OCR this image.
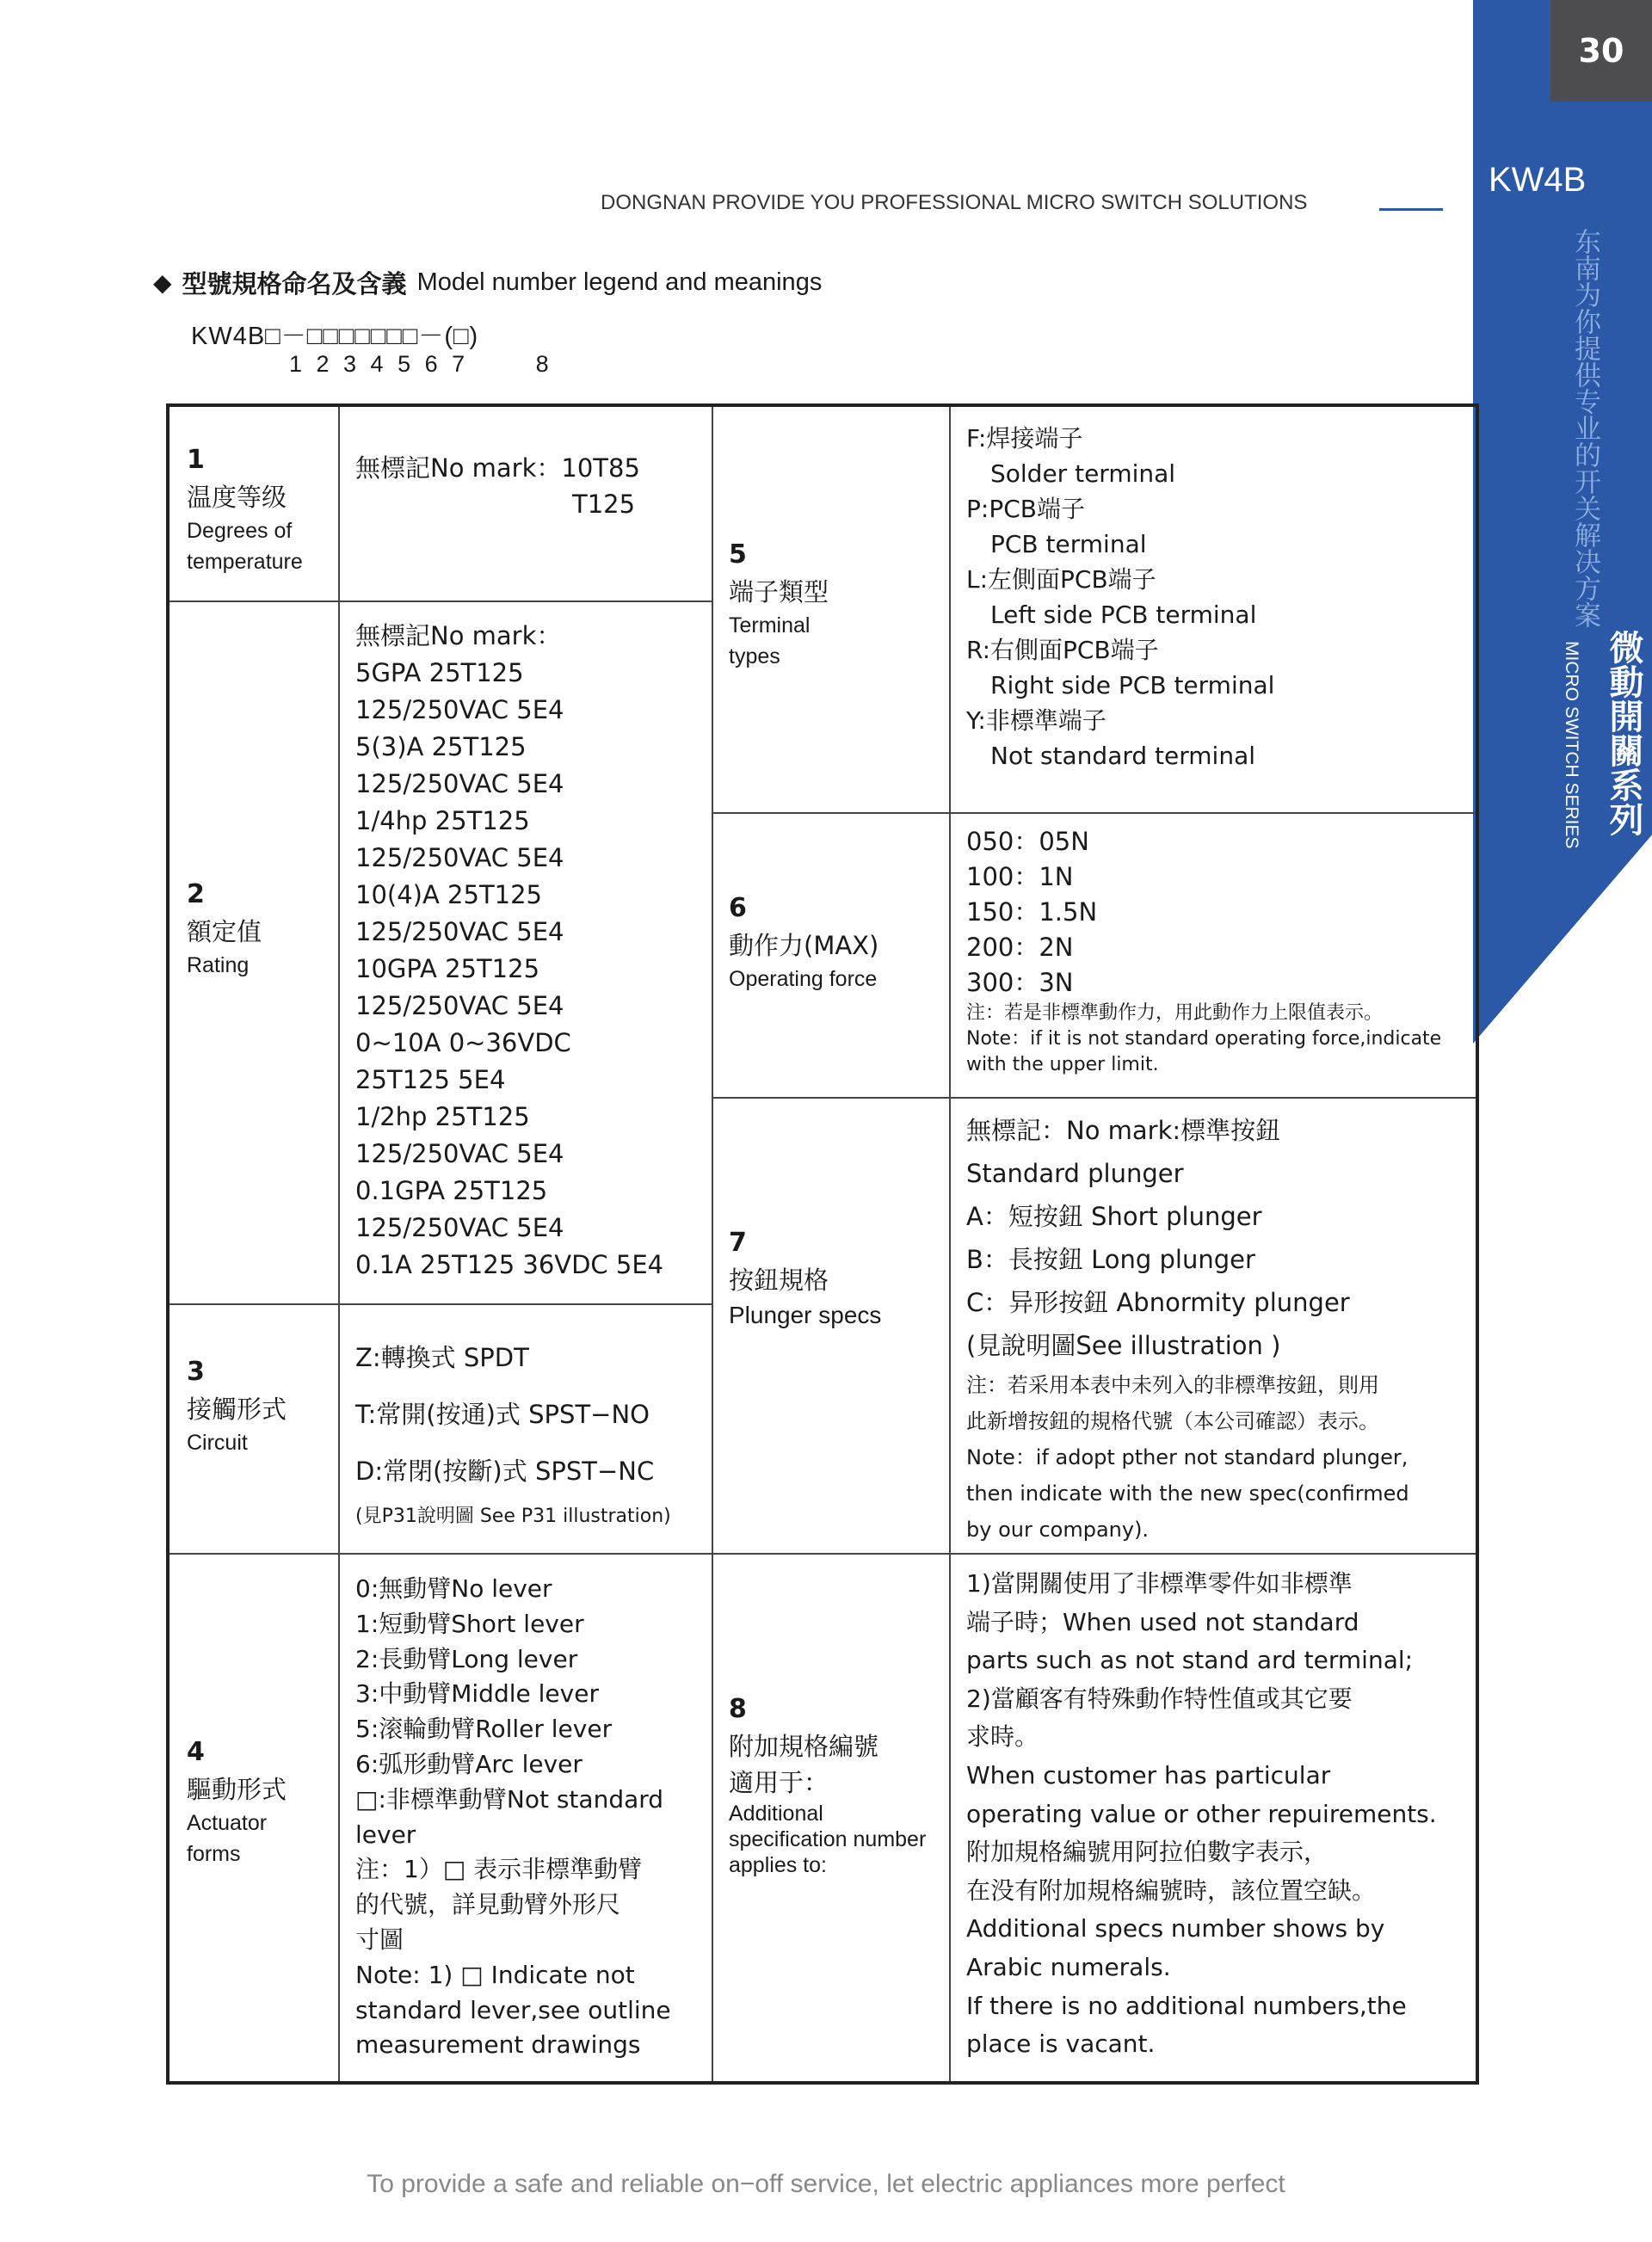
30
KW4B
东南为你提供专业的开关解决方案
微動開關系列
MICRO SWITCH SERIES
DONGNAN PROVIDE YOU PROFESSIONAL MICRO SWITCH SOLUTIONS
◆ 型號規格命名及含義 Model number legend and meanings
KW4B□－□□□□□□□－(□)
1 2 3 4 5 6 7     8
1
温度等级
Degrees of
temperature
無標記No mark：10T85
T125
2
額定值
Rating
無標記No mark：
5GPA 25T125
125/250VAC 5E4
5(3)A 25T125
125/250VAC 5E4
1/4hp 25T125
125/250VAC 5E4
10(4)A 25T125
125/250VAC 5E4
10GPA 25T125
125/250VAC 5E4
0~10A 0~36VDC
25T125 5E4
1/2hp 25T125
125/250VAC 5E4
0.1GPA 25T125
125/250VAC 5E4
0.1A 25T125 36VDC 5E4
3
接觸形式
Circuit
Z:轉換式 SPDT
T:常開(按通)式 SPST−NO
D:常閉(按斷)式 SPST−NC
(見P31說明圖 See P31 illustration)
4
驅動形式
Actuator
forms
0:無動臂No lever
1:短動臂Short lever
2:長動臂Long lever
3:中動臂Middle lever
5:滚輪動臂Roller lever
6:弧形動臂Arc lever
□:非標準動臂Not standard
lever
注：1）□ 表示非標準動臂
的代號，詳見動臂外形尺
寸圖
Note: 1) □ Indicate not
standard lever,see outline
measurement drawings
5
端子類型
Terminal
types
F:焊接端子
Solder terminal
P:PCB端子
PCB terminal
L:左側面PCB端子
Left side PCB terminal
R:右側面PCB端子
Right side PCB terminal
Y:非標準端子
Not standard terminal
6
動作力(MAX)
Operating force
050：05N
100：1N
150：1.5N
200：2N
300：3N
注：若是非標準動作力，用此動作力上限值表示。
Note：if it is not standard operating force,indicate
with the upper limit.
7
按鈕規格
Plunger specs
無標記：No mark:標準按鈕
Standard plunger
A：短按鈕 Short plunger
B：長按鈕 Long plunger
C：异形按鈕 Abnormity plunger
(見說明圖See illustration )
注：若采用本表中未列入的非標準按鈕，則用
此新增按鈕的規格代號（本公司確認）表示。
Note：if adopt pther not standard plunger,
then indicate with the new spec(confirmed
by our company).
8
附加規格編號
適用于：
Additional
specification number
applies to:
1)當開關使用了非標準零件如非標準
端子時；When used not standard
parts such as not stand ard terminal;
2)當顧客有特殊動作特性值或其它要
求時。
When customer has particular
operating value or other repuirements.
附加規格編號用阿拉伯數字表示，
在没有附加規格編號時，該位置空缺。
Additional specs number shows by
Arabic numerals.
If there is no additional numbers,the
place is vacant.
To provide a safe and reliable on−off service, let electric appliances more perfect
